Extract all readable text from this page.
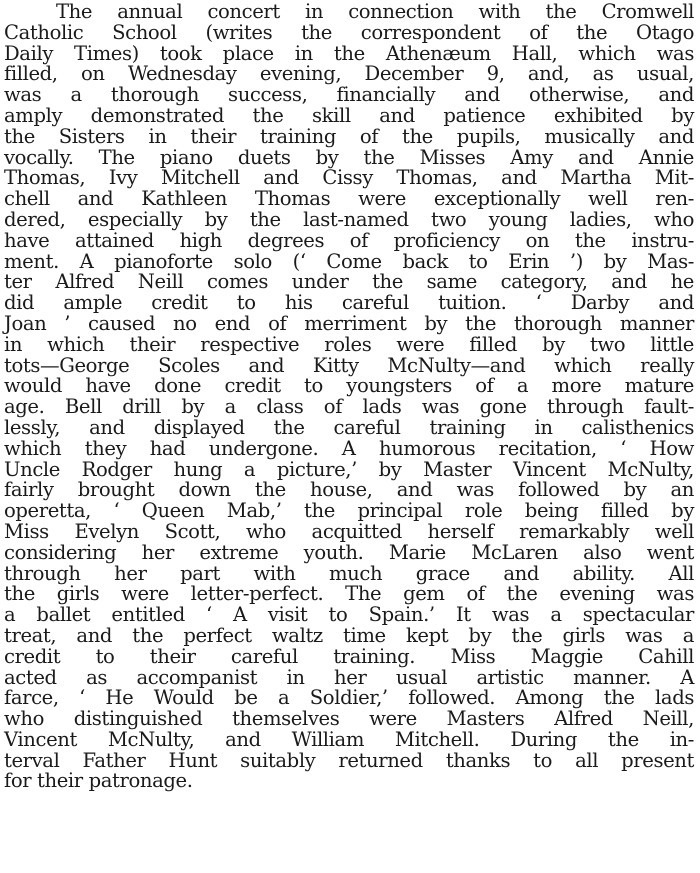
The annual concert in connection with the Cromwell
Catholic School (writes the correspondent of the Otago
Daily Times) took place in the Athenæum Hall, which was
filled, on Wednesday evening, December 9, and, as usual,
was a thorough success, financially and otherwise, and
amply demonstrated the skill and patience exhibited by
the Sisters in their training of the pupils, musically and
vocally. The piano duets by the Misses Amy and Annie
Thomas, Ivy Mitchell and Cissy Thomas, and Martha Mit-
chell and Kathleen Thomas were exceptionally well ren-
dered, especially by the last-named two young ladies, who
have attained high degrees of proficiency on the instru-
ment. A pianoforte solo (‘ Come back to Erin ’) by Mas-
ter Alfred Neill comes under the same category, and he
did ample credit to his careful tuition. ‘ Darby and
Joan ’ caused no end of merriment by the thorough manner
in which their respective roles were filled by two little
tots—George Scoles and Kitty McNulty—and which really
would have done credit to youngsters of a more mature
age. Bell drill by a class of lads was gone through fault-
lessly, and displayed the careful training in calisthenics
which they had undergone. A humorous recitation, ‘ How
Uncle Rodger hung a picture,’ by Master Vincent McNulty,
fairly brought down the house, and was followed by an
operetta, ‘ Queen Mab,’ the principal role being filled by
Miss Evelyn Scott, who acquitted herself remarkably well
considering her extreme youth. Marie McLaren also went
through her part with much grace and ability. All
the girls were letter-perfect. The gem of the evening was
a ballet entitled ‘ A visit to Spain.’ It was a spectacular
treat, and the perfect waltz time kept by the girls was a
credit to their careful training. Miss Maggie Cahill
acted as accompanist in her usual artistic manner. A
farce, ‘ He Would be a Soldier,’ followed. Among the lads
who distinguished themselves were Masters Alfred Neill,
Vincent McNulty, and William Mitchell. During the in-
terval Father Hunt suitably returned thanks to all present
for their patronage.
